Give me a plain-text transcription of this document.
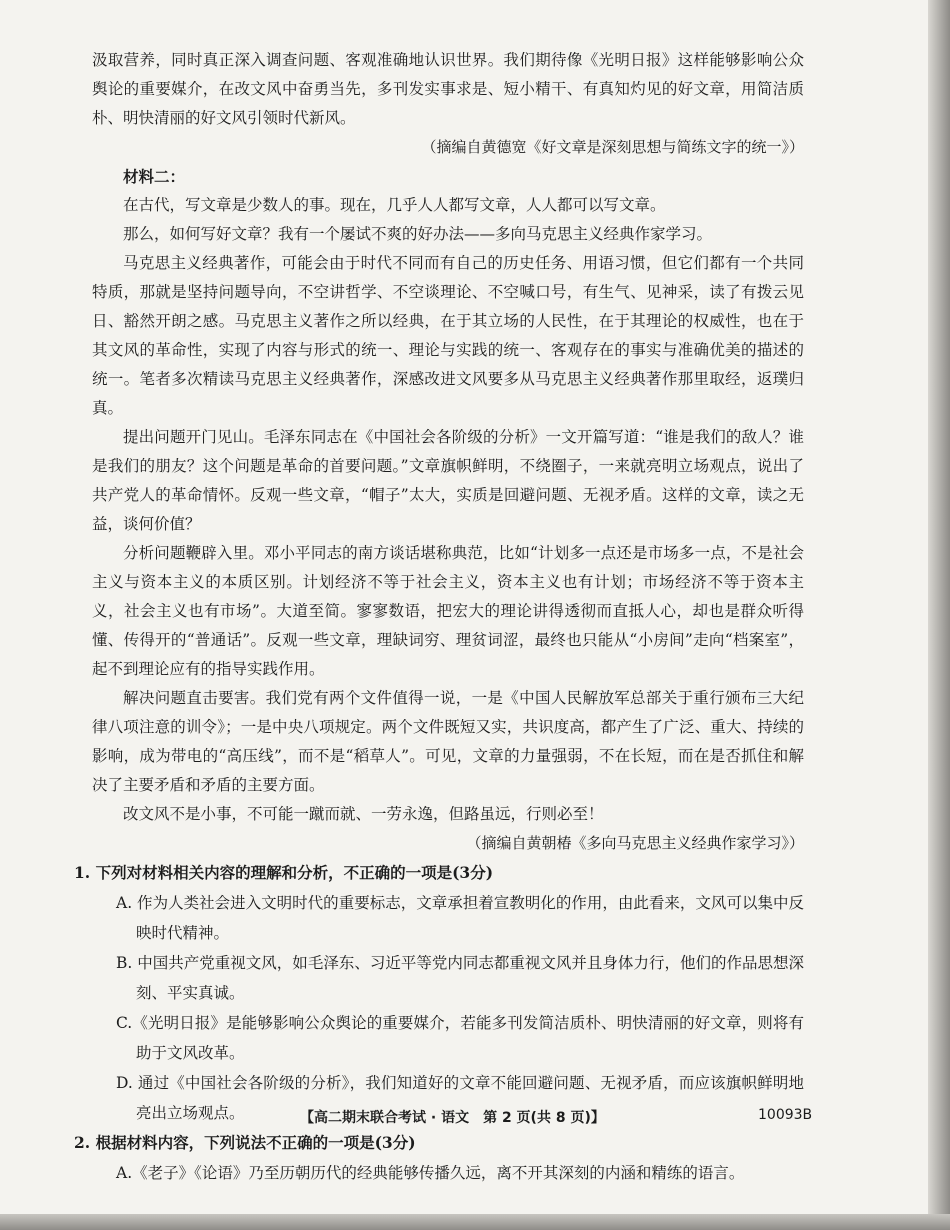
汲取营养，同时真正深入调查问题、客观准确地认识世界。我们期待像《光明日报》这样能够影响公众舆论的重要媒介，在改文风中奋勇当先，多刊发实事求是、短小精干、有真知灼见的好文章，用简洁质朴、明快清丽的好文风引领时代新风。

（摘编自黄德宽《好文章是深刻思想与简练文字的统一》）

材料二：

在古代，写文章是少数人的事。现在，几乎人人都写文章，人人都可以写文章。

那么，如何写好文章？我有一个屡试不爽的好办法——多向马克思主义经典作家学习。

马克思主义经典著作，可能会由于时代不同而有自己的历史任务、用语习惯，但它们都有一个共同特质，那就是坚持问题导向，不空讲哲学、不空谈理论、不空喊口号，有生气、见神采，读了有拨云见日、豁然开朗之感。马克思主义著作之所以经典，在于其立场的人民性，在于其理论的权威性，也在于其文风的革命性，实现了内容与形式的统一、理论与实践的统一、客观存在的事实与准确优美的描述的统一。笔者多次精读马克思主义经典著作，深感改进文风要多从马克思主义经典著作那里取经，返璞归真。

提出问题开门见山。毛泽东同志在《中国社会各阶级的分析》一文开篇写道：“谁是我们的敌人？谁是我们的朋友？这个问题是革命的首要问题。”文章旗帜鲜明，不绕圈子，一来就亮明立场观点，说出了共产党人的革命情怀。反观一些文章，“帽子”太大，实质是回避问题、无视矛盾。这样的文章，读之无益，谈何价值？

分析问题鞭辟入里。邓小平同志的南方谈话堪称典范，比如“计划多一点还是市场多一点，不是社会主义与资本主义的本质区别。计划经济不等于社会主义，资本主义也有计划；市场经济不等于资本主义，社会主义也有市场”。大道至简。寥寥数语，把宏大的理论讲得透彻而直抵人心，却也是群众听得懂、传得开的“普通话”。反观一些文章，理缺词穷、理贫词涩，最终也只能从“小房间”走向“档案室”，起不到理论应有的指导实践作用。

解决问题直击要害。我们党有两个文件值得一说，一是《中国人民解放军总部关于重行颁布三大纪律八项注意的训令》；一是中央八项规定。两个文件既短又实，共识度高，都产生了广泛、重大、持续的影响，成为带电的“高压线”，而不是“稻草人”。可见，文章的力量强弱，不在长短，而在是否抓住和解决了主要矛盾和矛盾的主要方面。

改文风不是小事，不可能一蹴而就、一劳永逸，但路虽远，行则必至！

（摘编自黄朝椿《多向马克思主义经典作家学习》）

1. 下列对材料相关内容的理解和分析，不正确的一项是(3分)

A. 作为人类社会进入文明时代的重要标志，文章承担着宣教明化的作用，由此看来，文风可以集中反映时代精神。

B. 中国共产党重视文风，如毛泽东、习近平等党内同志都重视文风并且身体力行，他们的作品思想深刻、平实真诚。

C.《光明日报》是能够影响公众舆论的重要媒介，若能多刊发简洁质朴、明快清丽的好文章，则将有助于文风改革。

D. 通过《中国社会各阶级的分析》，我们知道好的文章不能回避问题、无视矛盾，而应该旗帜鲜明地亮出立场观点。

2. 根据材料内容，下列说法不正确的一项是(3分)

A.《老子》《论语》乃至历朝历代的经典能够传播久远，离不开其深刻的内涵和精练的语言。

【高二期末联合考试 · 语文　第 2 页(共 8 页)】	10093B
